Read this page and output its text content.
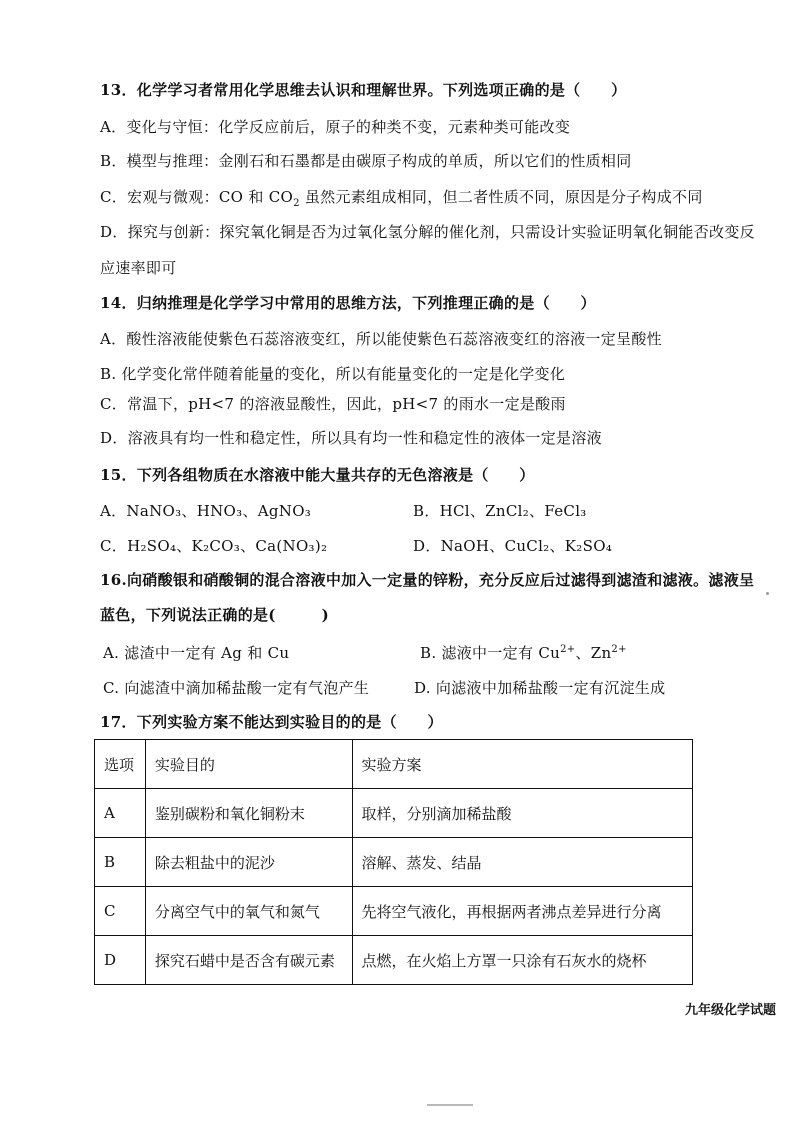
13．化学学习者常用化学思维去认识和理解世界。下列选项正确的是（　　）
A．变化与守恒：化学反应前后，原子的种类不变，元素种类可能改变
B．模型与推理：金刚石和石墨都是由碳原子构成的单质，所以它们的性质相同
C．宏观与微观：CO 和 $CO_2$ 虽然元素组成相同，但二者性质不同，原因是分子构成不同
D．探究与创新：探究氧化铜是否为过氧化氢分解的催化剂，只需设计实验证明氧化铜能否改变反
应速率即可
14．归纳推理是化学学习中常用的思维方法，下列推理正确的是（　　）
A．酸性溶液能使紫色石蕊溶液变红，所以能使紫色石蕊溶液变红的溶液一定呈酸性
B. 化学变化常伴随着能量的变化，所以有能量变化的一定是化学变化
C．常温下，pH<7 的溶液显酸性，因此，pH<7 的雨水一定是酸雨
D．溶液具有均一性和稳定性，所以具有均一性和稳定性的液体一定是溶液
15．下列各组物质在水溶液中能大量共存的无色溶液是（　　）
A．NaNO₃、HNO₃、AgNO₃	B．HCl、ZnCl₂、FeCl₃
C．H₂SO₄、K₂CO₃、Ca(NO₃)₂	D．NaOH、CuCl₂、K₂SO₄
16.向硝酸银和硝酸铜的混合溶液中加入一定量的锌粉，充分反应后过滤得到滤渣和滤液。滤液呈
蓝色，下列说法正确的是(　　　)
A. 滤渣中一定有 Ag 和 Cu	B. 滤液中一定有 $Cu^{2+}$、$Zn^{2+}$
C. 向滤渣中滴加稀盐酸一定有气泡产生	D. 向滤液中加稀盐酸一定有沉淀生成
17．下列实验方案不能达到实验目的的是（　　）
选项	实验目的	实验方案
A	鉴别碳粉和氧化铜粉末	取样，分别滴加稀盐酸
B	除去粗盐中的泥沙	溶解、蒸发、结晶
C	分离空气中的氧气和氮气	先将空气液化，再根据两者沸点差异进行分离
D	探究石蜡中是否含有碳元素	点燃，在火焰上方罩一只涂有石灰水的烧杯
九年级化学试题
